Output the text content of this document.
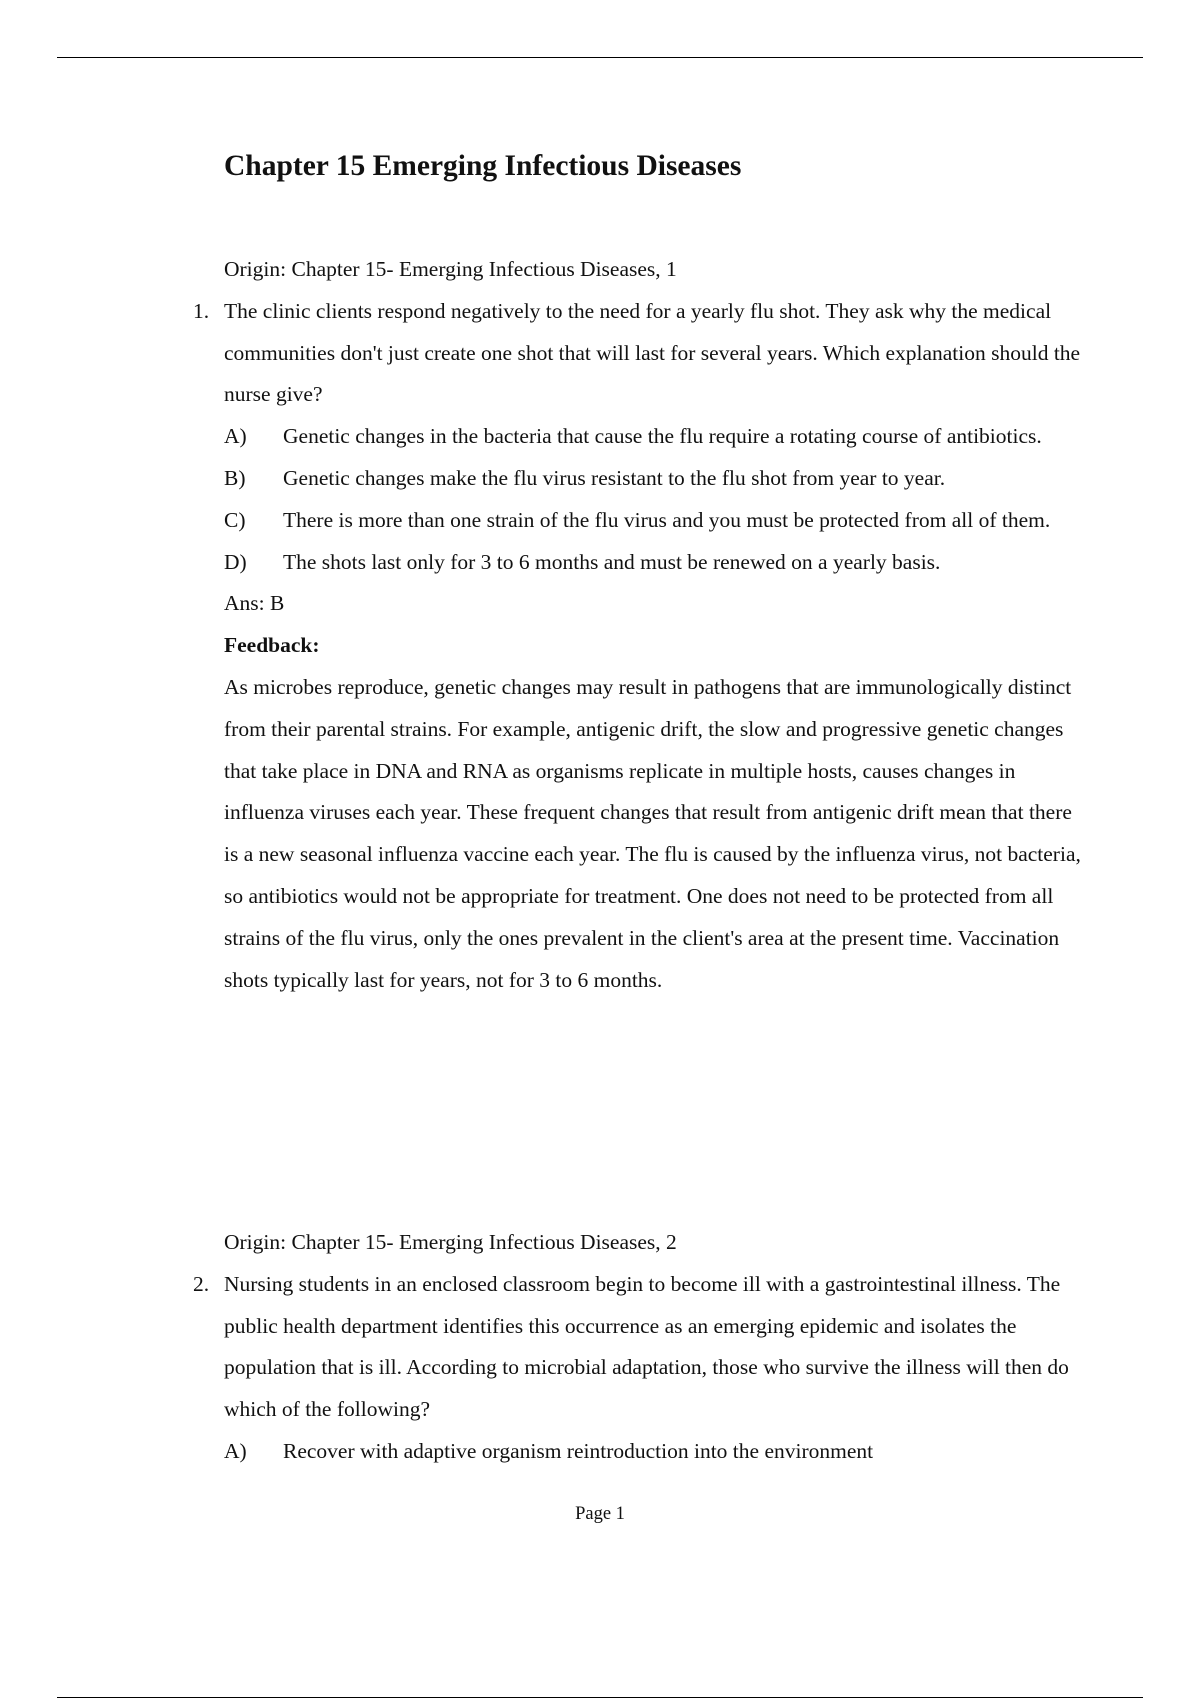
Chapter 15 Emerging Infectious Diseases
Origin: Chapter 15- Emerging Infectious Diseases, 1
1. The clinic clients respond negatively to the need for a yearly flu shot. They ask why the medical communities don't just create one shot that will last for several years. Which explanation should the nurse give?
A) Genetic changes in the bacteria that cause the flu require a rotating course of antibiotics.
B) Genetic changes make the flu virus resistant to the flu shot from year to year.
C) There is more than one strain of the flu virus and you must be protected from all of them.
D) The shots last only for 3 to 6 months and must be renewed on a yearly basis.
Ans: B
Feedback:
As microbes reproduce, genetic changes may result in pathogens that are immunologically distinct from their parental strains. For example, antigenic drift, the slow and progressive genetic changes that take place in DNA and RNA as organisms replicate in multiple hosts, causes changes in influenza viruses each year. These frequent changes that result from antigenic drift mean that there is a new seasonal influenza vaccine each year. The flu is caused by the influenza virus, not bacteria, so antibiotics would not be appropriate for treatment. One does not need to be protected from all strains of the flu virus, only the ones prevalent in the client's area at the present time. Vaccination shots typically last for years, not for 3 to 6 months.
Origin: Chapter 15- Emerging Infectious Diseases, 2
2. Nursing students in an enclosed classroom begin to become ill with a gastrointestinal illness. The public health department identifies this occurrence as an emerging epidemic and isolates the population that is ill. According to microbial adaptation, those who survive the illness will then do which of the following?
A) Recover with adaptive organism reintroduction into the environment
Page 1
